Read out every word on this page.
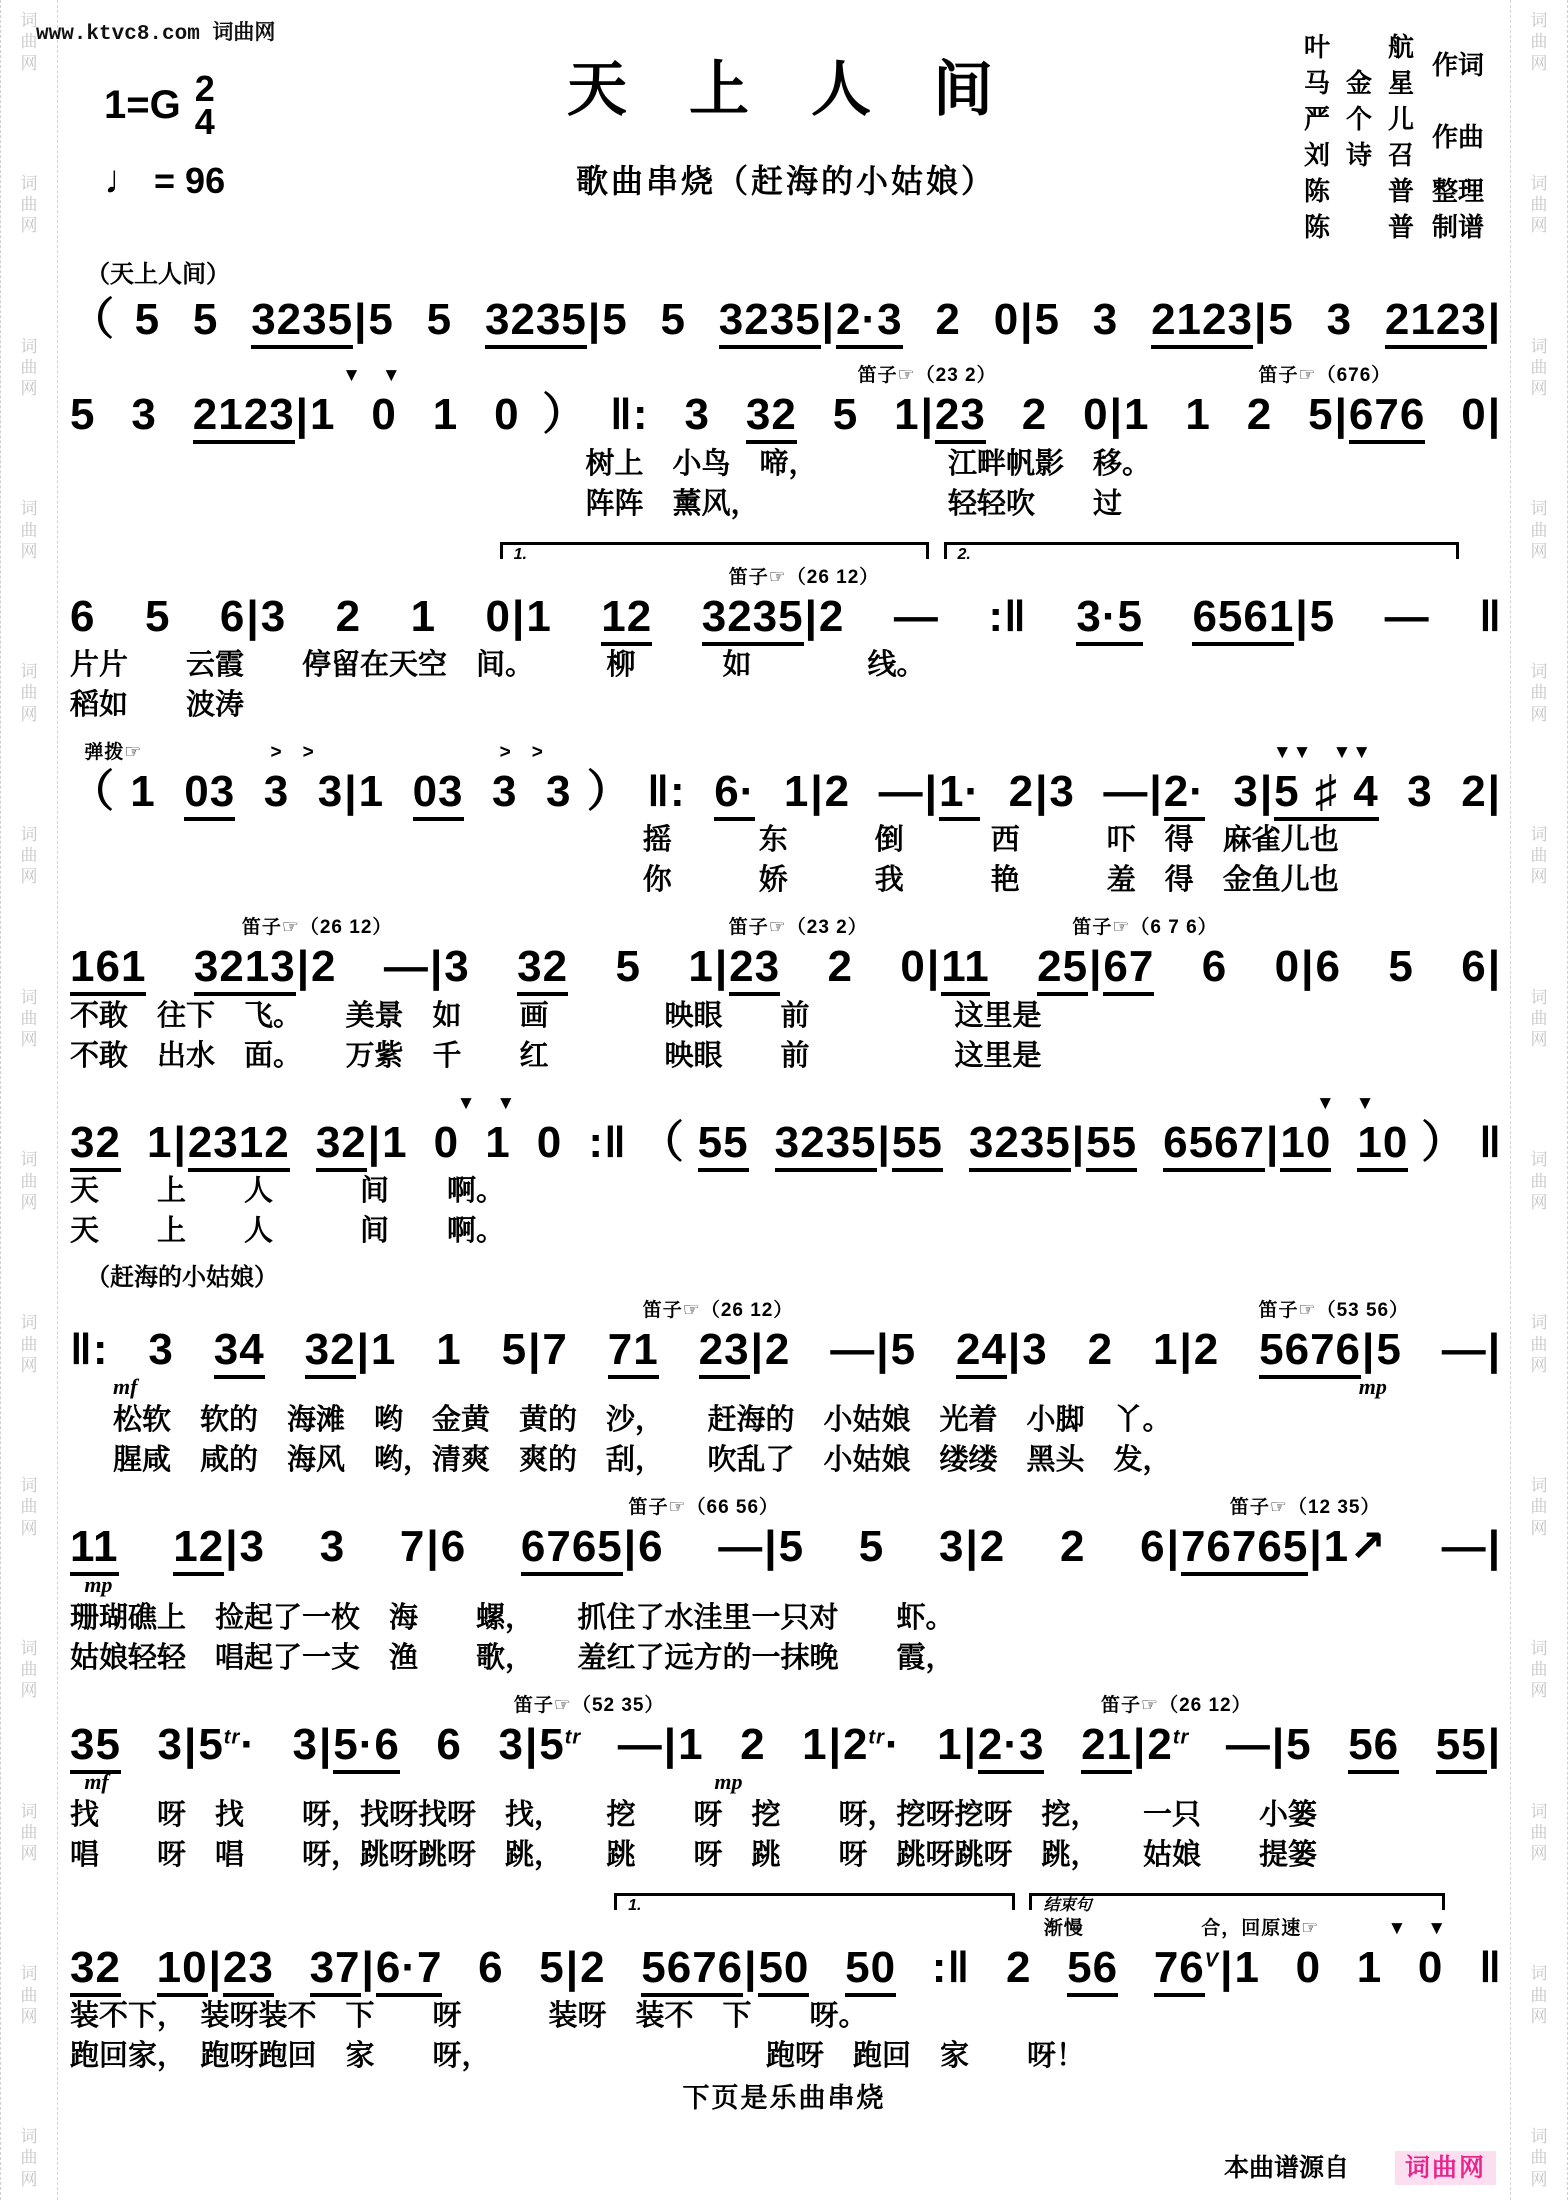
词
曲
网
词
曲
网
词
曲
网
词
曲
网
词
曲
网
词
曲
网
词
曲
网
词
曲
网
词
曲
网
词
曲
网
词
曲
网
词
曲
网
词
曲
网
词
曲
网
词
曲
网
词
曲
网
词
曲
网
词
曲
网
词
曲
网
词
曲
网
词
曲
网
词
曲
网
词
曲
网
词
曲
网
词
曲
网
词
曲
网
词
曲
网
词
曲
网
www.ktvc8.com 词曲网
天上人间
歌曲串烧（赶海的小姑娘）
1=G 2
4
♩ = 96
叶　航
马金星
作词
严个儿
刘诗召
作曲
陈　普 整理
陈　普 制谱
（天上人间）
（5 5 3235|5 5 3235|5 5 3235|2·3 2 0|5 3 2123|5 3 2123|
▼　▼	笛子☞（23 2）	笛子☞（676）
5 3 2123|1 0 1 0）‖: 3 32 5 1|23 2 0|1 1 2 5|676 0|

树上　小鸟　啼，　　　　　江畔帆影　移。

阵阵　薰风，　　　　　　　轻轻吹　　过

1.	2.
笛子☞（26 12）
6 5 6|3 2 1 0|1 12 3235|2 — :‖ 3·5 6561|5 — ‖

片片　　云霞　　停留在天空　间。　　　柳　　　如　　　　线。

稻如　　波涛

弹拨☞	>　>	>　>	▼▼　▼▼
（1 03 3 3|1 03 3 3）‖: 6· 1|2 —|1· 2|3 —|2· 3|5♯4 3 2|

摇　　　东　　　倒　　　西　　　吓　得　麻雀儿也

你　　　娇　　　我　　　艳　　　羞　得　金鱼儿也

笛子☞（26 12）	笛子☞（23 2）	笛子☞（6 7 6）
161 3213|2 —|3 32 5 1|23 2 0|11 25|67 6 0|6 5 6|

不敢　往下　飞。　　美景　如　　画　　　　映眼　　前　　　　　这里是

不敢　出水　面。　　万紫　千　　红　　　　映眼　　前　　　　　这里是

▼　▼	▼　▼
32 1|2312 32|1 0 1 0 :‖（55 3235|55 3235|55 6567|10 10）‖

天　　上　　人　　　间　　啊。

天　　上　　人　　　间　　啊。

（赶海的小姑娘）
笛子☞（26 12）	笛子☞（53 56）
‖: 3 34 32|1 1 5|7 71 23|2 —|5 24|3 2 1|2 5676|5 —|
mf	mp

松软　软的　海滩　哟　金黄　黄的　沙，　　赶海的　小姑娘　光着　小脚　丫。

腥咸　咸的　海风　哟，清爽　爽的　刮，　　吹乱了　小姑娘　缕缕　黑头　发，

笛子☞（66 56）	笛子☞（12 35）
11 12|3 3 7|6 6765|6 —|5 5 3|2 2 6|76765|1↗ —|
mp

珊瑚礁上　捡起了一枚　海　　螺，　　抓住了水洼里一只对　　虾。

姑娘轻轻　唱起了一支　渔　　歌，　　羞红了远方的一抹晚　　霞，

笛子☞（52 35）	笛子☞（26 12）
35 $3|5^{tr}\cdot 3|5\cdot 6$ 6 $3|5^{tr}$ —|1 2 $1|2^{tr}\cdot 1|2\cdot 3$ $21|2^{tr}$ —|5 56 55|
mf	mp

找　　呀　找　　呀，找呀找呀　找，　　挖　　呀　挖　　呀，挖呀挖呀　挖，　　一只　　小篓

唱　　呀　唱　　呀，跳呀跳呀　跳，　　跳　　呀　跳　　呀　跳呀跳呀　跳，　　姑娘　　提篓

1.	结束句
渐慢	合，回原速☞	▼　▼
32 10|23 37|6·7 6 5|2 5676|50 50 :‖ 2 56 $76^V|1$ 0 1 0 ‖

装不下，　装呀装不　下　　呀　　　装呀　装不　下　　呀。

跑回家，　跑呀跑回　家　　呀，　　　　　　　　　　跑呀　跑回　家　　呀！

下页是乐曲串烧
本曲谱源自 词曲网
